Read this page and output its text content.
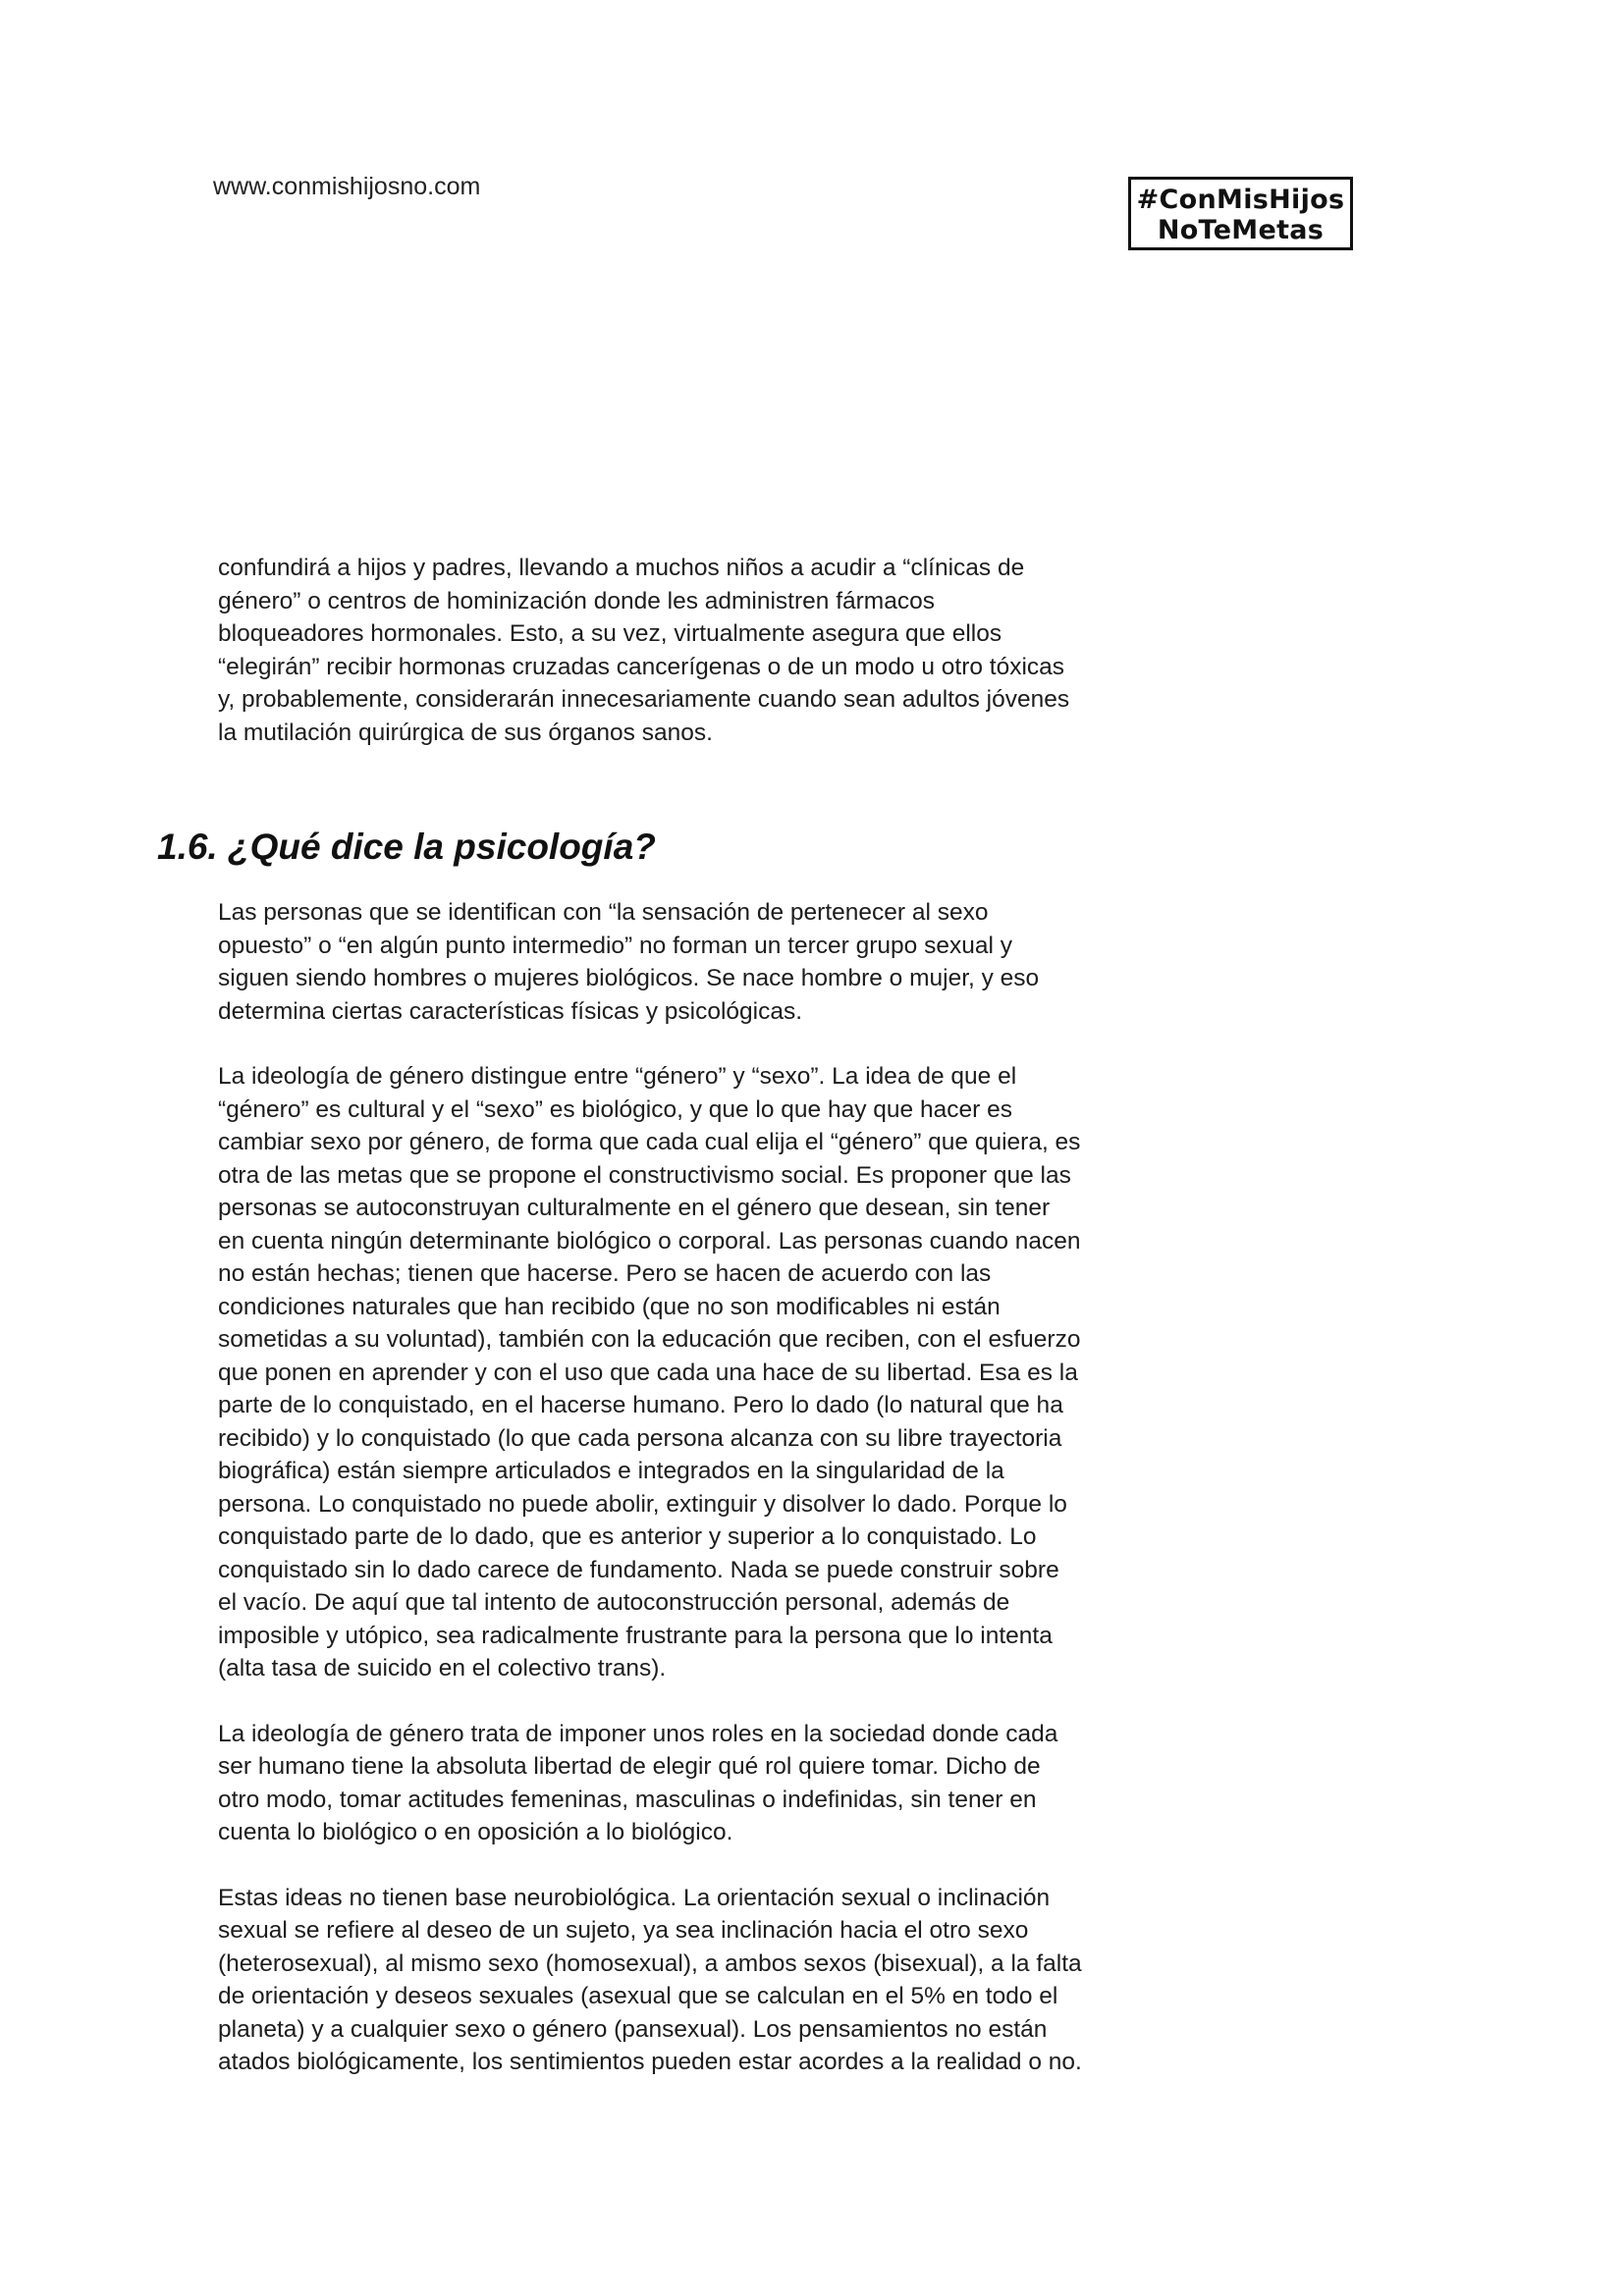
www.conmishijosno.com	#ConMisHijos
NoTeMetas

confundirá a hijos y padres, llevando a muchos niños a acudir a “clínicas de género” o centros de hominización donde les administren fármacos bloqueadores hormonales. Esto, a su vez, virtualmente asegura que ellos “elegirán” recibir hormonas cruzadas cancerígenas o de un modo u otro tóxicas y, probablemente, considerarán innecesariamente cuando sean adultos jóvenes la mutilación quirúrgica de sus órganos sanos.

1.6. ¿Qué dice la psicología?

Las personas que se identifican con “la sensación de pertenecer al sexo opuesto” o “en algún punto intermedio” no forman un tercer grupo sexual y siguen siendo hombres o mujeres biológicos. Se nace hombre o mujer, y eso determina ciertas características físicas y psicológicas.

La ideología de género distingue entre “género” y “sexo”. La idea de que el “género” es cultural y el “sexo” es biológico, y que lo que hay que hacer es cambiar sexo por género, de forma que cada cual elija el “género” que quiera, es otra de las metas que se propone el constructivismo social. Es proponer que las personas se autoconstruyan culturalmente en el género que desean, sin tener en cuenta ningún determinante biológico o corporal. Las personas cuando nacen no están hechas; tienen que hacerse. Pero se hacen de acuerdo con las condiciones naturales que han recibido (que no son modificables ni están sometidas a su voluntad), también con la educación que reciben, con el esfuerzo que ponen en aprender y con el uso que cada una hace de su libertad. Esa es la parte de lo conquistado, en el hacerse humano. Pero lo dado (lo natural que ha recibido) y lo conquistado (lo que cada persona alcanza con su libre trayectoria biográfica) están siempre articulados e integrados en la singularidad de la persona. Lo conquistado no puede abolir, extinguir y disolver lo dado. Porque lo conquistado parte de lo dado, que es anterior y superior a lo conquistado. Lo conquistado sin lo dado carece de fundamento. Nada se puede construir sobre el vacío. De aquí que tal intento de autoconstrucción personal, además de imposible y utópico, sea radicalmente frustrante para la persona que lo intenta (alta tasa de suicido en el colectivo trans).

La ideología de género trata de imponer unos roles en la sociedad donde cada ser humano tiene la absoluta libertad de elegir qué rol quiere tomar. Dicho de otro modo, tomar actitudes femeninas, masculinas o indefinidas, sin tener en cuenta lo biológico o en oposición a lo biológico.

Estas ideas no tienen base neurobiológica. La orientación sexual o inclinación sexual se refiere al deseo de un sujeto, ya sea inclinación hacia el otro sexo (heterosexual), al mismo sexo (homosexual), a ambos sexos (bisexual), a la falta de orientación y deseos sexuales (asexual que se calculan en el 5% en todo el planeta) y a cualquier sexo o género (pansexual). Los pensamientos no están atados biológicamente, los sentimientos pueden estar acordes a la realidad o no.
